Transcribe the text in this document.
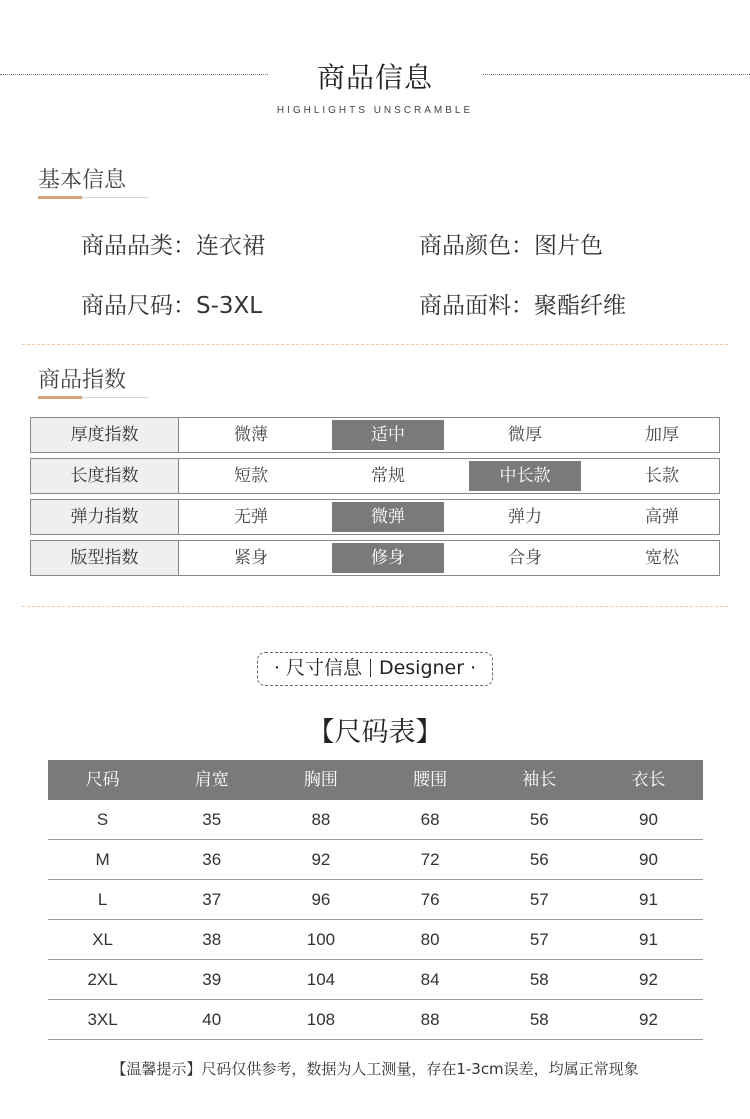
商品信息
HIGHLIGHTS UNSCRAMBLE
基本信息
商品品类：连衣裙	商品颜色：图片色
商品尺码：S-3XL	商品面料：聚酯纤维
商品指数
厚度指数	微薄	适中	微厚	加厚
长度指数	短款	常规	中长款	长款
弹力指数	无弹	微弹	弹力	高弹
版型指数	紧身	修身	合身	宽松
· 尺寸信息 Designer ·
【尺码表】
尺码	肩宽	胸围	腰围	袖长	衣长
S	35	88	68	56	90
M	36	92	72	56	90
L	37	96	76	57	91
XL	38	100	80	57	91
2XL	39	104	84	58	92
3XL	40	108	88	58	92
【温馨提示】尺码仅供参考，数据为人工测量，存在1-3cm误差，均属正常现象
